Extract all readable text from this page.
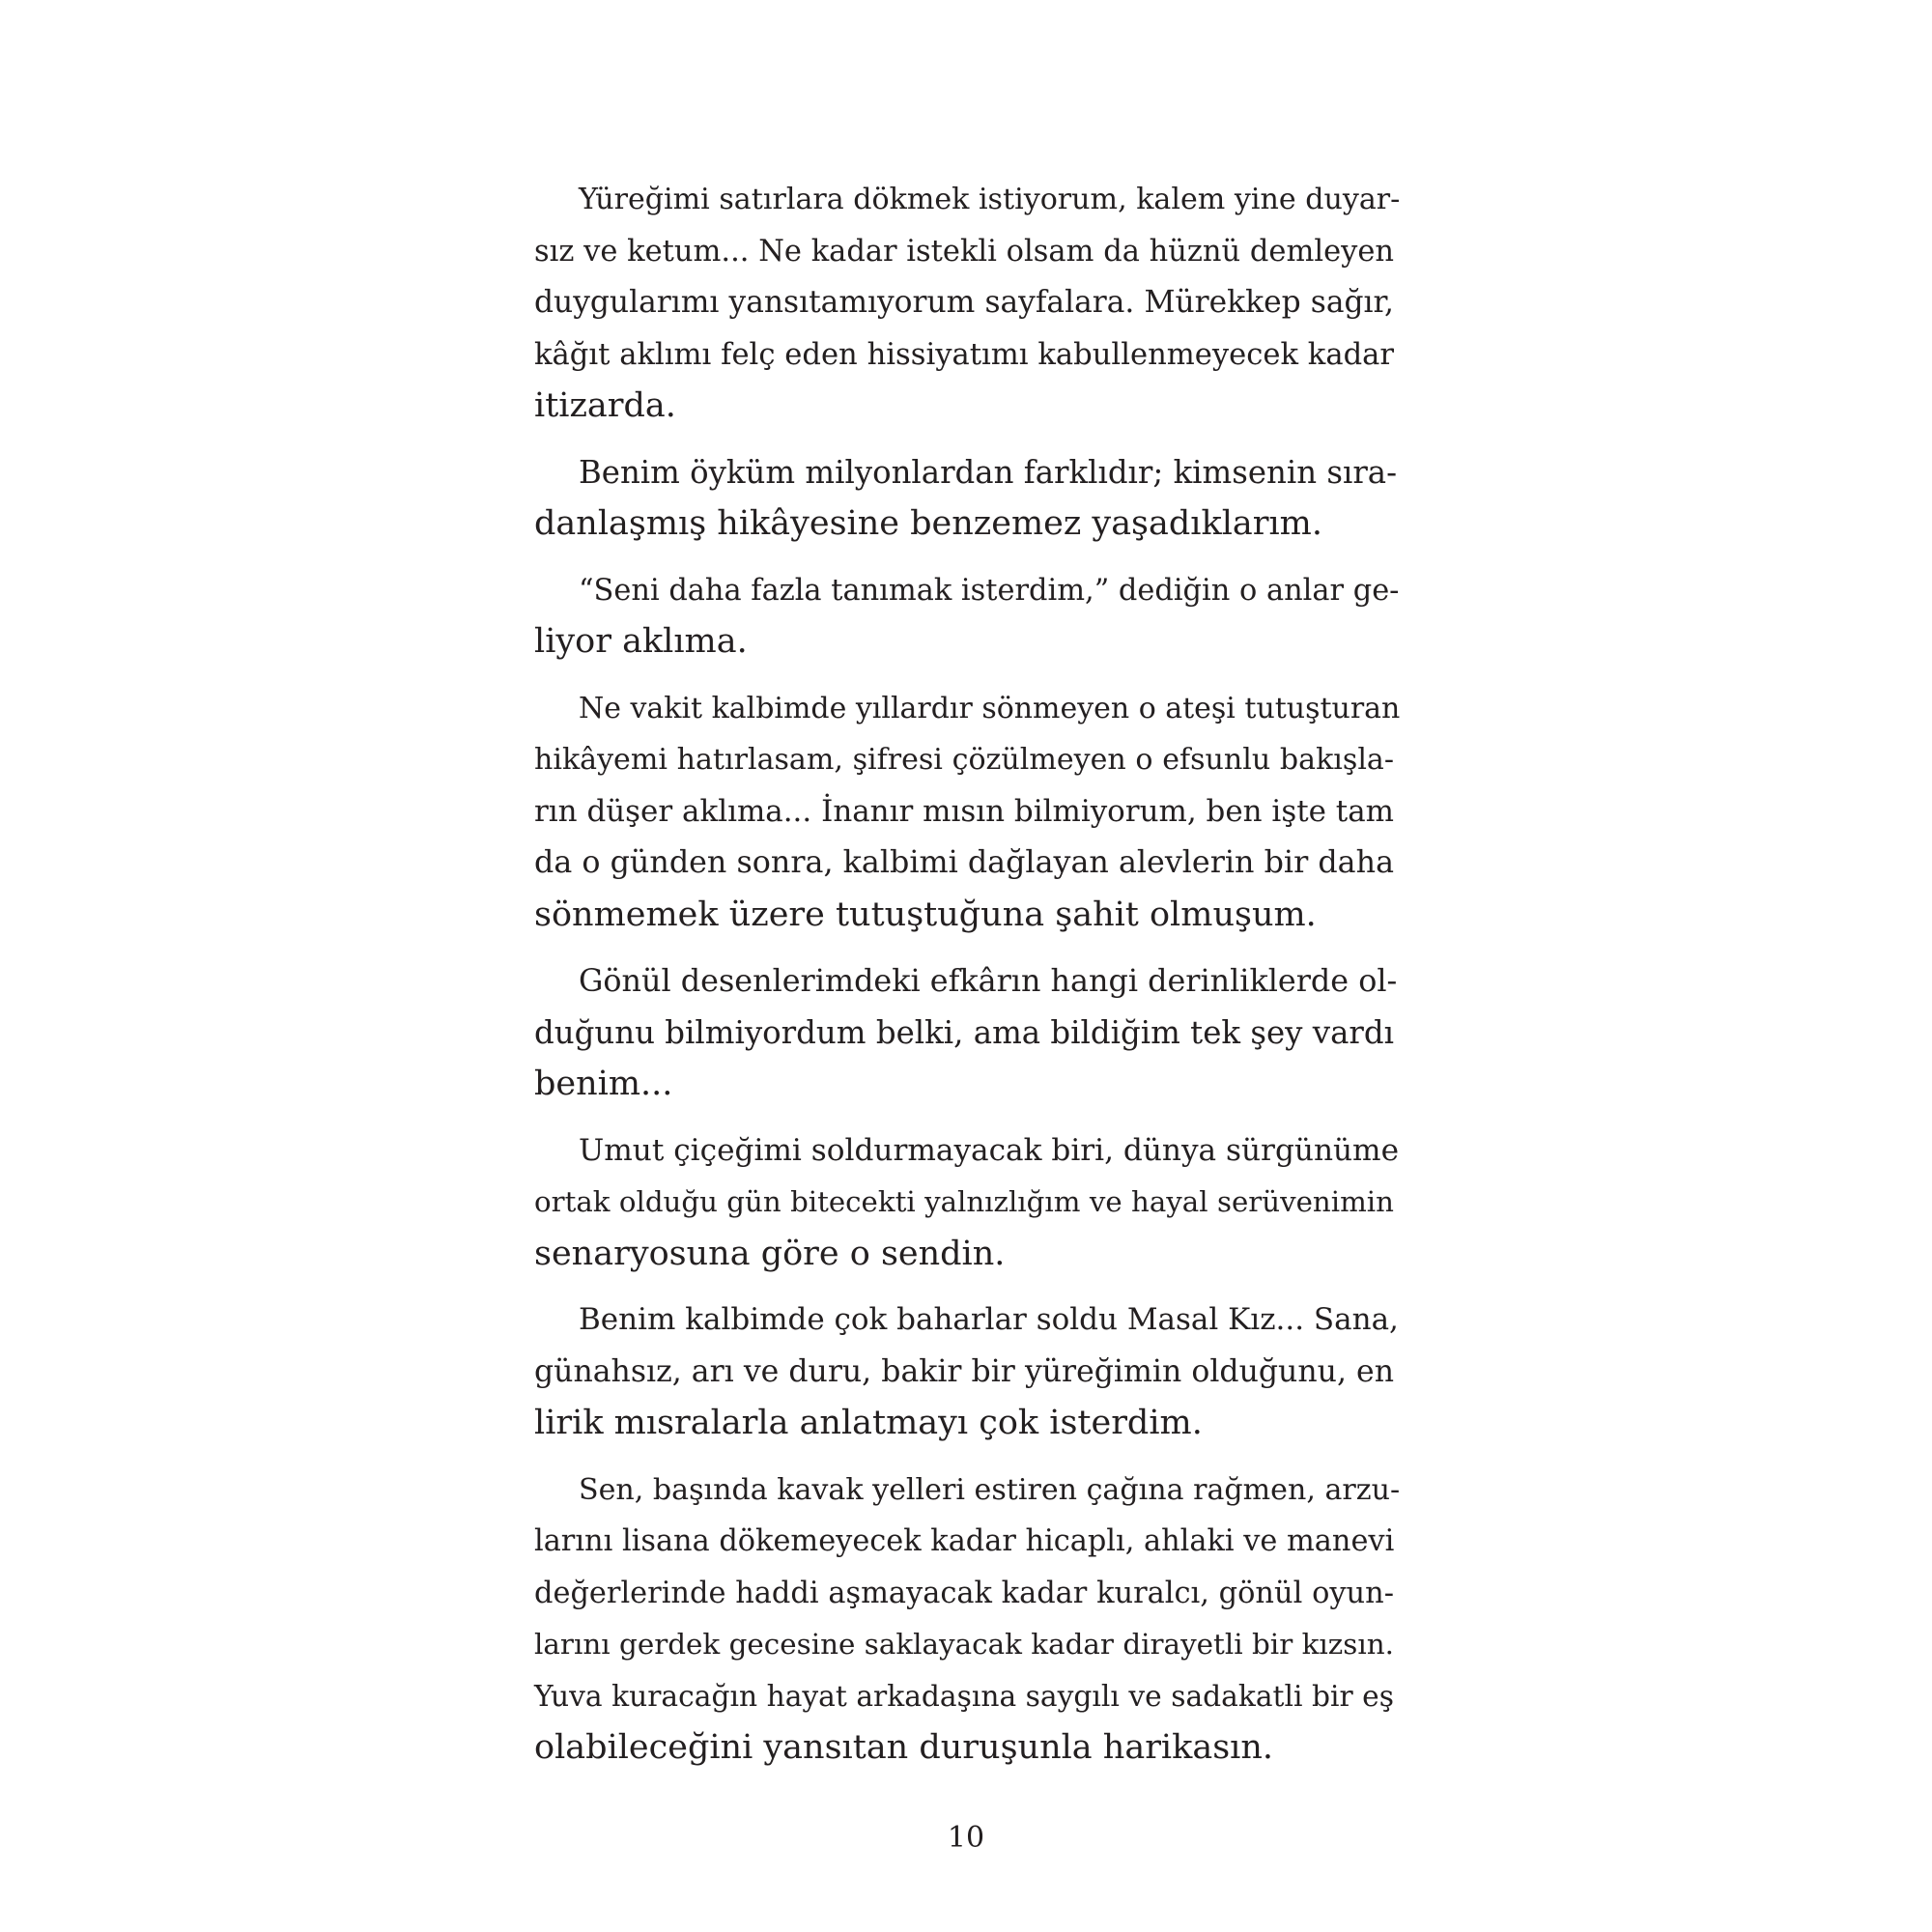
Yüreğimi satırlara dökmek istiyorum, kalem yine duyar-
sız ve ketum... Ne kadar istekli olsam da hüznü demleyen
duygularımı yansıtamıyorum sayfalara. Mürekkep sağır,
kâğıt aklımı felç eden hissiyatımı kabullenmeyecek kadar
itizarda.
Benim öyküm milyonlardan farklıdır; kimsenin sıra-
danlaşmış hikâyesine benzemez yaşadıklarım.
“Seni daha fazla tanımak isterdim,” dediğin o anlar ge-
liyor aklıma.
Ne vakit kalbimde yıllardır sönmeyen o ateşi tutuşturan
hikâyemi hatırlasam, şifresi çözülmeyen o efsunlu bakışla-
rın düşer aklıma... İnanır mısın bilmiyorum, ben işte tam
da o günden sonra, kalbimi dağlayan alevlerin bir daha
sönmemek üzere tutuştuğuna şahit olmuşum.
Gönül desenlerimdeki efkârın hangi derinliklerde ol-
duğunu bilmiyordum belki, ama bildiğim tek şey vardı
benim...
Umut çiçeğimi soldurmayacak biri, dünya sürgünüme
ortak olduğu gün bitecekti yalnızlığım ve hayal serüvenimin
senaryosuna göre o sendin.
Benim kalbimde çok baharlar soldu Masal Kız... Sana,
günahsız, arı ve duru, bakir bir yüreğimin olduğunu, en
lirik mısralarla anlatmayı çok isterdim.
Sen, başında kavak yelleri estiren çağına rağmen, arzu-
larını lisana dökemeyecek kadar hicaplı, ahlaki ve manevi
değerlerinde haddi aşmayacak kadar kuralcı, gönül oyun-
larını gerdek gecesine saklayacak kadar dirayetli bir kızsın.
Yuva kuracağın hayat arkadaşına saygılı ve sadakatli bir eş
olabileceğini yansıtan duruşunla harikasın.
10
